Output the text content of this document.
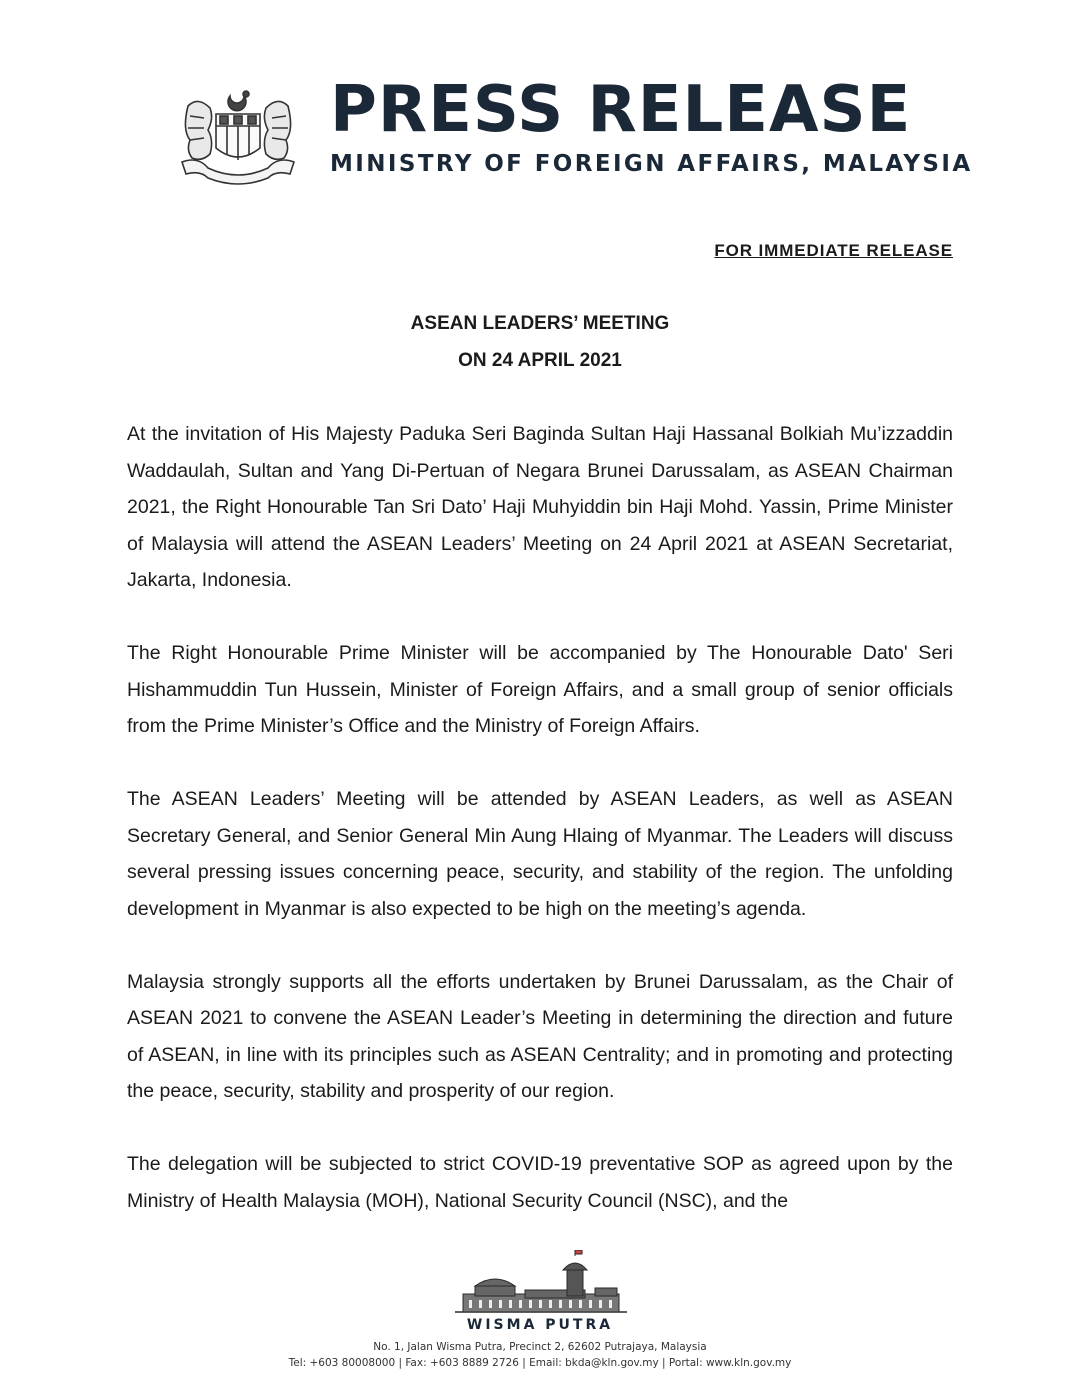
PRESS RELEASE
MINISTRY OF FOREIGN AFFAIRS, MALAYSIA
FOR IMMEDIATE RELEASE
ASEAN LEADERS’ MEETING
ON 24 APRIL 2021

At the invitation of His Majesty Paduka Seri Baginda Sultan Haji Hassanal Bolkiah Mu’izzaddin Waddaulah, Sultan and Yang Di-Pertuan of Negara Brunei Darussalam, as ASEAN Chairman 2021, the Right Honourable Tan Sri Dato’ Haji Muhyiddin bin Haji Mohd. Yassin, Prime Minister of Malaysia will attend the ASEAN Leaders’ Meeting on 24 April 2021 at ASEAN Secretariat, Jakarta, Indonesia.

The Right Honourable Prime Minister will be accompanied by The Honourable Dato' Seri Hishammuddin Tun Hussein, Minister of Foreign Affairs, and a small group of senior officials from the Prime Minister’s Office and the Ministry of Foreign Affairs.

The ASEAN Leaders’ Meeting will be attended by ASEAN Leaders, as well as ASEAN Secretary General, and Senior General Min Aung Hlaing of Myanmar. The Leaders will discuss several pressing issues concerning peace, security, and stability of the region. The unfolding development in Myanmar is also expected to be high on the meeting’s agenda.

Malaysia strongly supports all the efforts undertaken by Brunei Darussalam, as the Chair of ASEAN 2021 to convene the ASEAN Leader’s Meeting in determining the direction and future of ASEAN, in line with its principles such as ASEAN Centrality; and in promoting and protecting the peace, security, stability and prosperity of our region.

The delegation will be subjected to strict COVID-19 preventative SOP as agreed upon by the Ministry of Health Malaysia (MOH), National Security Council (NSC), and the

WISMA PUTRA
No. 1, Jalan Wisma Putra, Precinct 2, 62602 Putrajaya, Malaysia
Tel: +603 80008000 | Fax: +603 8889 2726 | Email: bkda@kln.gov.my | Portal: www.kln.gov.my
